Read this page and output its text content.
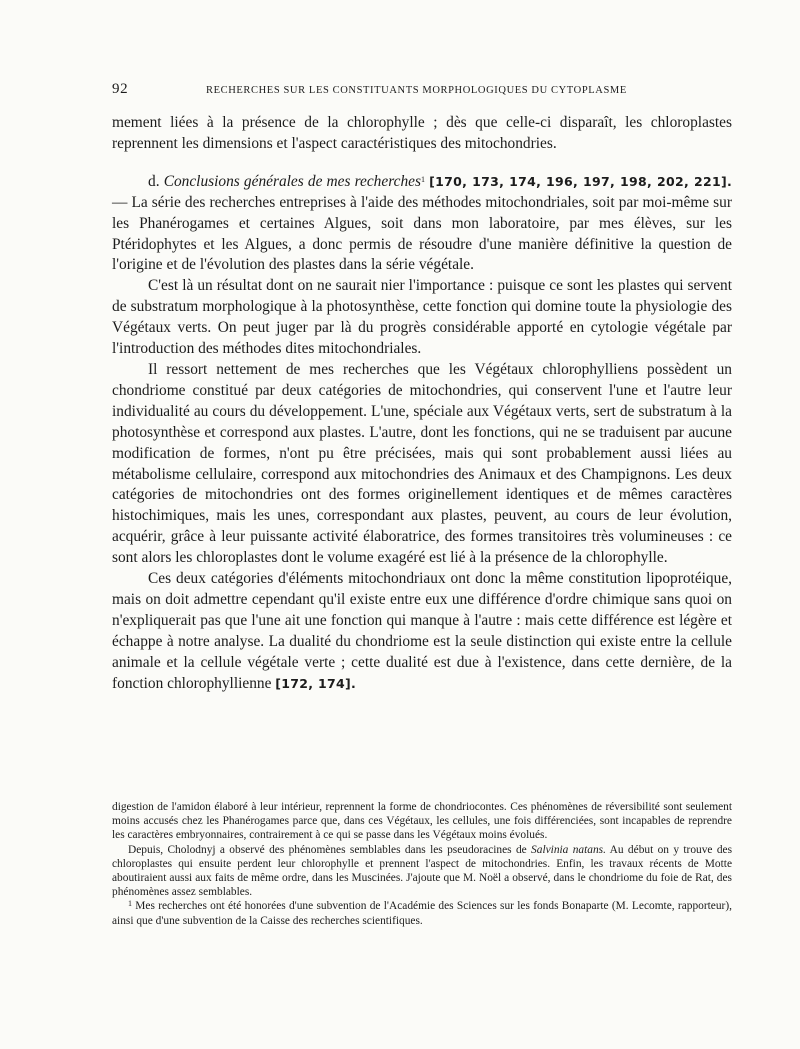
92	RECHERCHES SUR LES CONSTITUANTS MORPHOLOGIQUES DU CYTOPLASME

mement liées à la présence de la chlorophylle ; dès que celle-ci disparaît, les chloroplastes reprennent les dimensions et l'aspect caractéristiques des mitochondries.

d. Conclusions générales de mes recherches$^1$ [170, 173, 174, 196, 197, 198, 202, 221]. — La série des recherches entreprises à l'aide des méthodes mitochondriales, soit par moi-même sur les Phanérogames et certaines Algues, soit dans mon laboratoire, par mes élèves, sur les Ptéridophytes et les Algues, a donc permis de résoudre d'une manière définitive la question de l'origine et de l'évolution des plastes dans la série végétale.

C'est là un résultat dont on ne saurait nier l'importance : puisque ce sont les plastes qui servent de substratum morphologique à la photosynthèse, cette fonction qui domine toute la physiologie des Végétaux verts. On peut juger par là du progrès considérable apporté en cytologie végétale par l'introduction des méthodes dites mitochondriales.

Il ressort nettement de mes recherches que les Végétaux chlorophylliens possèdent un chondriome constitué par deux catégories de mitochondries, qui conservent l'une et l'autre leur individualité au cours du développement. L'une, spéciale aux Végétaux verts, sert de substratum à la photosynthèse et correspond aux plastes. L'autre, dont les fonctions, qui ne se traduisent par aucune modification de formes, n'ont pu être précisées, mais qui sont probablement aussi liées au métabolisme cellulaire, correspond aux mitochondries des Animaux et des Champignons. Les deux catégories de mitochondries ont des formes originellement identiques et de mêmes caractères histochimiques, mais les unes, correspondant aux plastes, peuvent, au cours de leur évolution, acquérir, grâce à leur puissante activité élaboratrice, des formes transitoires très volumineuses : ce sont alors les chloroplastes dont le volume exagéré est lié à la présence de la chlorophylle.

Ces deux catégories d'éléments mitochondriaux ont donc la même constitution lipoprotéique, mais on doit admettre cependant qu'il existe entre eux une différence d'ordre chimique sans quoi on n'expliquerait pas que l'une ait une fonction qui manque à l'autre : mais cette différence est légère et échappe à notre analyse. La dualité du chondriome est la seule distinction qui existe entre la cellule animale et la cellule végétale verte ; cette dualité est due à l'existence, dans cette dernière, de la fonction chlorophyllienne [172, 174].

digestion de l'amidon élaboré à leur intérieur, reprennent la forme de chondriocontes. Ces phénomènes de réversibilité sont seulement moins accusés chez les Phanérogames parce que, dans ces Végétaux, les cellules, une fois différenciées, sont incapables de reprendre les caractères embryonnaires, contrairement à ce qui se passe dans les Végétaux moins évolués.

Depuis, Cholodnyj a observé des phénomènes semblables dans les pseudoracines de Salvinia natans. Au début on y trouve des chloroplastes qui ensuite perdent leur chlorophylle et prennent l'aspect de mitochondries. Enfin, les travaux récents de Motte aboutiraient aussi aux faits de même ordre, dans les Muscinées. J'ajoute que M. Noël a observé, dans le chondriome du foie de Rat, des phénomènes assez semblables.

$^1$ Mes recherches ont été honorées d'une subvention de l'Académie des Sciences sur les fonds Bonaparte (M. Lecomte, rapporteur), ainsi que d'une subvention de la Caisse des recherches scientifiques.
